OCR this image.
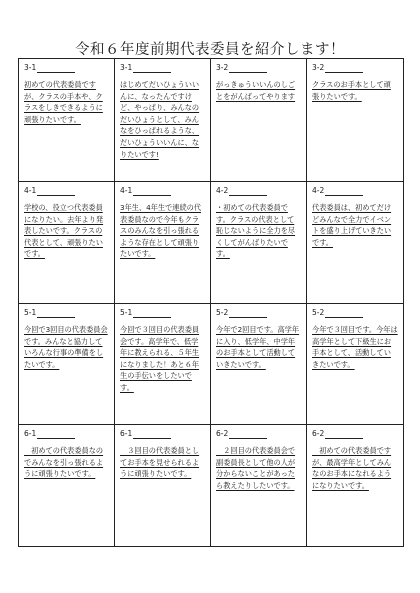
令和６年度前期代表委員を紹介します！
3-1
初めての代表委員ですが、クラスの手本や、クラスをしきできるように頑張りたいです。
3-1
はじめてだいひょういいんに、なったんですけど、やっぱり、みんなのだいひょうとして、みんなをひっぱれるような、だいひょういいんに、なりたいです!
3-2
がっきゅういいんのしごとをがんばってやります
3-2
クラスのお手本として頑張りたいです。
4-1
学校の、役立つ代表委員になりたい。去年より発表したいです。クラスの代表として、頑張りたいです。
4-1
3年生、4年生で連続の代表委員なので今年もクラスのみんなを引っ張れるような存在として頑張りたいです。
4-2
・初めての代表委員です。クラスの代表として恥じないように全力を尽くしてがんばりたいです。
4-2
代表委員は、初めてだけどみんなで全力でイベントを盛り上げていきたいです。
5-1
今回で3回目の代表委員会です。みんなと協力していろんな行事の準備をしたいです。
5-1
今回で３回目の代表委員会です。高学年で、低学年に教えられる、５年生になりました！あと６年生の手伝いをしたいです。
5-2
今年で2回目です。高学年に入り、低学年、中学年のお手本として活動していきたいです。
5-2
今年で３回目です。今年は高学年として下級生にお手本として、活動していきたいです。
6-1
　初めての代表委員なのでみんなを引っ張れるように頑張りたいです。
6-1
　３回目の代表委員としてお手本を見せられるように頑張りたいです。
6-2
　２回目の代表委員会で副委員長として他の人が分からないことがあったら教えたりしたいです。
6-2
　初めての代表委員ですが、最高学年としてみんなのお手本になれるようになりたいです。
